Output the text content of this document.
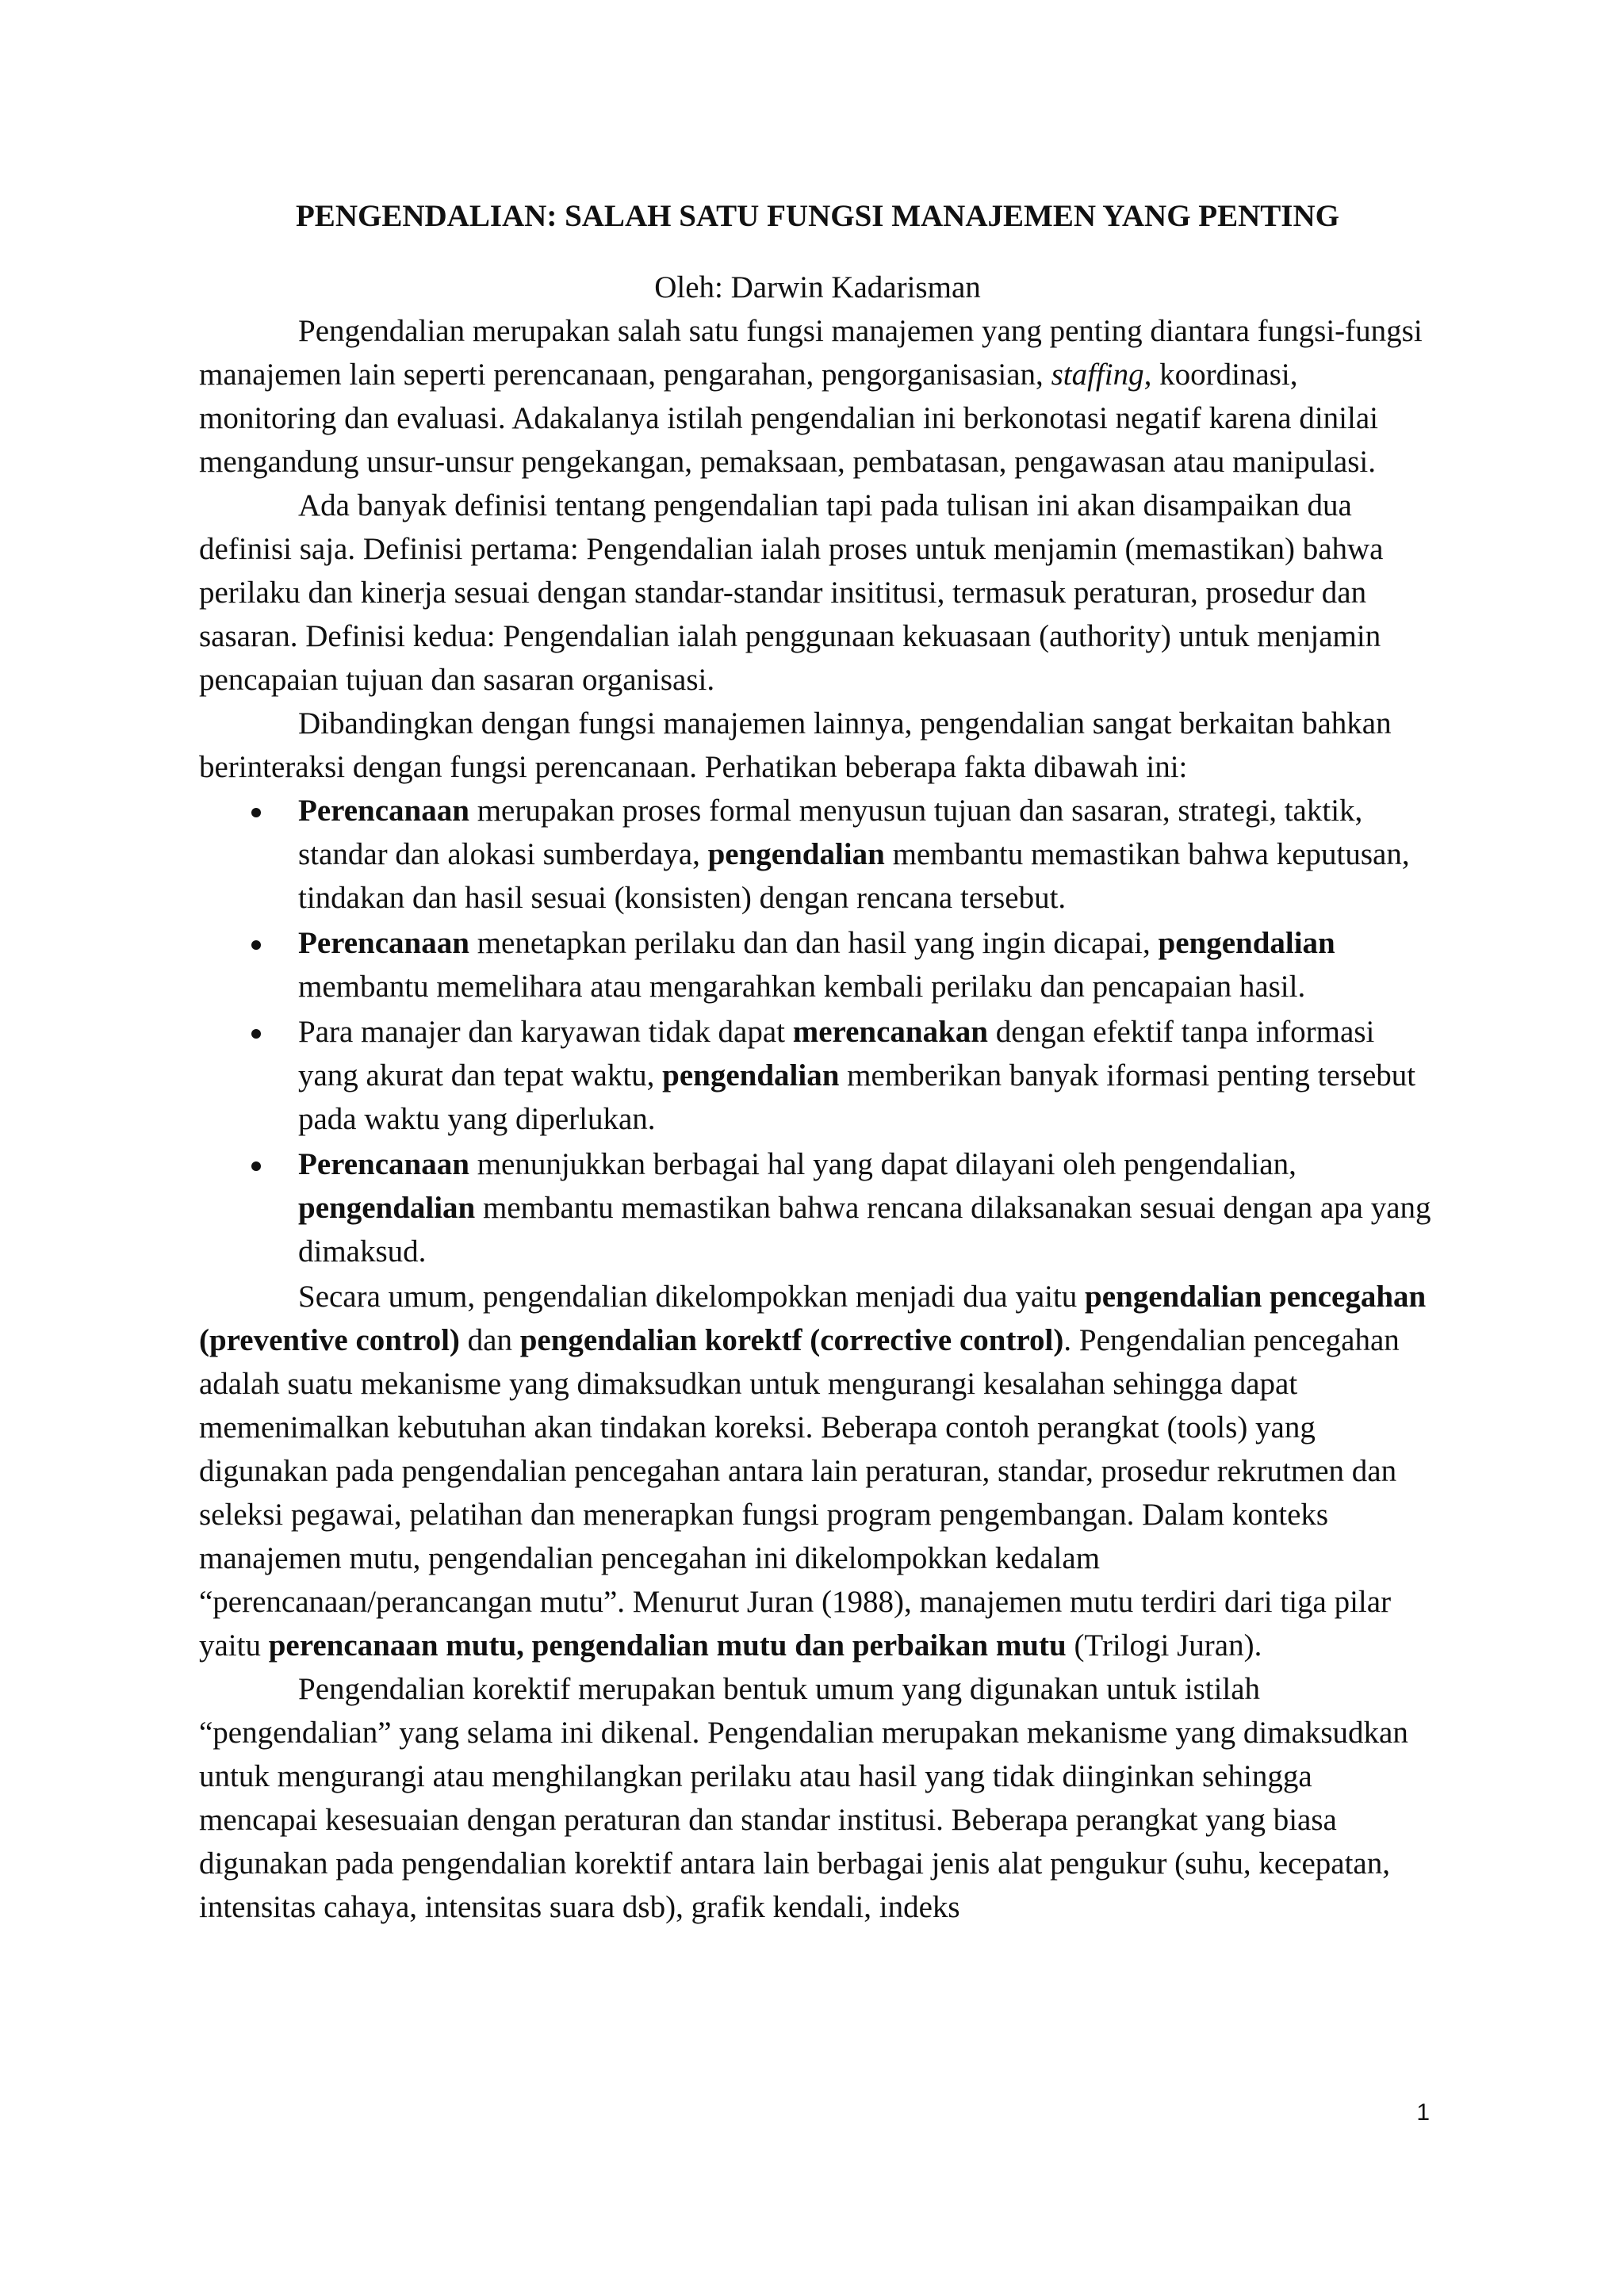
PENGENDALIAN: SALAH SATU FUNGSI MANAJEMEN YANG PENTING
Oleh: Darwin Kadarisman

Pengendalian merupakan salah satu fungsi manajemen yang penting diantara fungsi-fungsi manajemen lain seperti perencanaan, pengarahan, pengorganisasian, staffing, koordinasi, monitoring dan evaluasi. Adakalanya istilah pengendalian ini berkonotasi negatif karena dinilai mengandung unsur-unsur pengekangan, pemaksaan, pembatasan, pengawasan atau manipulasi.

Ada banyak definisi tentang pengendalian tapi pada tulisan ini akan disampaikan dua definisi saja. Definisi pertama: Pengendalian ialah proses untuk menjamin (memastikan) bahwa perilaku dan kinerja sesuai dengan standar-standar insititusi, termasuk peraturan, prosedur dan sasaran. Definisi kedua: Pengendalian ialah penggunaan kekuasaan (authority) untuk menjamin pencapaian tujuan dan sasaran organisasi.

Dibandingkan dengan fungsi manajemen lainnya, pengendalian sangat berkaitan bahkan berinteraksi dengan fungsi perencanaan. Perhatikan beberapa fakta dibawah ini:

Perencanaan merupakan proses formal menyusun tujuan dan sasaran, strategi, taktik, standar dan alokasi sumberdaya, pengendalian membantu memastikan bahwa keputusan, tindakan dan hasil sesuai (konsisten) dengan rencana tersebut.
Perencanaan menetapkan perilaku dan dan hasil yang ingin dicapai, pengendalian membantu memelihara atau mengarahkan kembali perilaku dan pencapaian hasil.
Para manajer dan karyawan tidak dapat merencanakan dengan efektif tanpa informasi yang akurat dan tepat waktu, pengendalian memberikan banyak iformasi penting tersebut pada waktu yang diperlukan.
Perencanaan menunjukkan berbagai hal yang dapat dilayani oleh pengendalian, pengendalian membantu memastikan bahwa rencana dilaksanakan sesuai dengan apa yang dimaksud.

Secara umum, pengendalian dikelompokkan menjadi dua yaitu pengendalian pencegahan (preventive control) dan pengendalian korektf (corrective control). Pengendalian pencegahan adalah suatu mekanisme yang dimaksudkan untuk mengurangi kesalahan sehingga dapat memenimalkan kebutuhan akan tindakan koreksi. Beberapa contoh perangkat (tools) yang digunakan pada pengendalian pencegahan antara lain peraturan, standar, prosedur rekrutmen dan seleksi pegawai, pelatihan dan menerapkan fungsi program pengembangan. Dalam konteks manajemen mutu, pengendalian pencegahan ini dikelompokkan kedalam “perencanaan/perancangan mutu”. Menurut Juran (1988), manajemen mutu terdiri dari tiga pilar yaitu perencanaan mutu, pengendalian mutu dan perbaikan mutu (Trilogi Juran).

Pengendalian korektif merupakan bentuk umum yang digunakan untuk istilah “pengendalian” yang selama ini dikenal. Pengendalian merupakan mekanisme yang dimaksudkan untuk mengurangi atau menghilangkan perilaku atau hasil yang tidak diinginkan sehingga mencapai kesesuaian dengan peraturan dan standar institusi. Beberapa perangkat yang biasa digunakan pada pengendalian korektif antara lain berbagai jenis alat pengukur (suhu, kecepatan, intensitas cahaya, intensitas suara dsb), grafik kendali, indeks

1
